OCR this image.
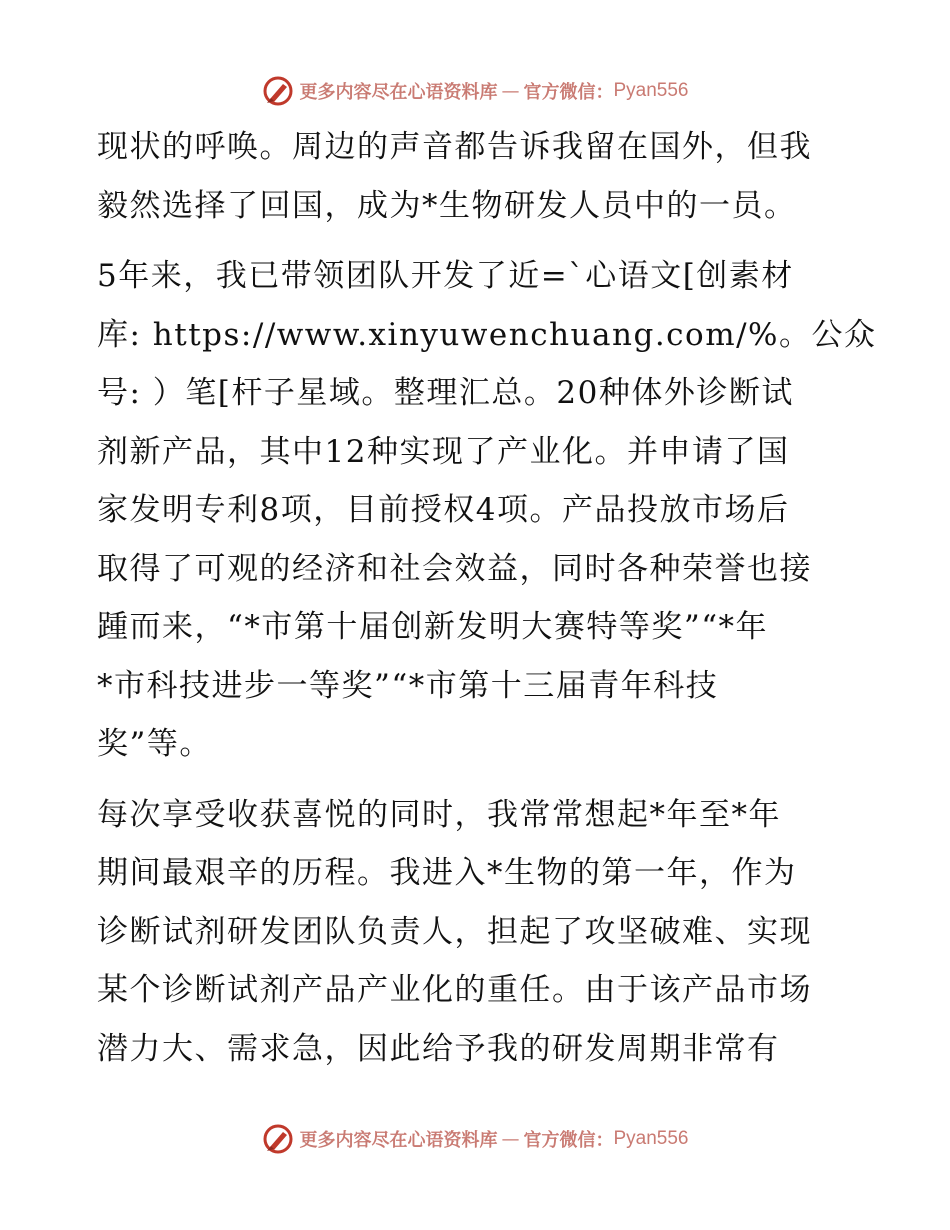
更多内容尽在心语资料库 — 官方微信： Pyan556

现状的呼唤。周边的声音都告诉我留在国外，但我
毅然选择了回国，成为*生物研发人员中的一员。

5年来，我已带领团队开发了近=`心语文[创素材
库: https://www.xinyuwenchuang.com/%。公众
号: ）笔[杆子星域。整理汇总。20种体外诊断试
剂新产品，其中12种实现了产业化。并申请了国
家发明专利8项，目前授权4项。产品投放市场后
取得了可观的经济和社会效益，同时各种荣誉也接
踵而来，“*市第十届创新发明大赛特等奖”“*年
*市科技进步一等奖”“*市第十三届青年科技
奖”等。

每次享受收获喜悦的同时，我常常想起*年至*年
期间最艰辛的历程。我进入*生物的第一年，作为
诊断试剂研发团队负责人，担起了攻坚破难、实现
某个诊断试剂产品产业化的重任。由于该产品市场
潜力大、需求急，因此给予我的研发周期非常有

更多内容尽在心语资料库 — 官方微信： Pyan556
